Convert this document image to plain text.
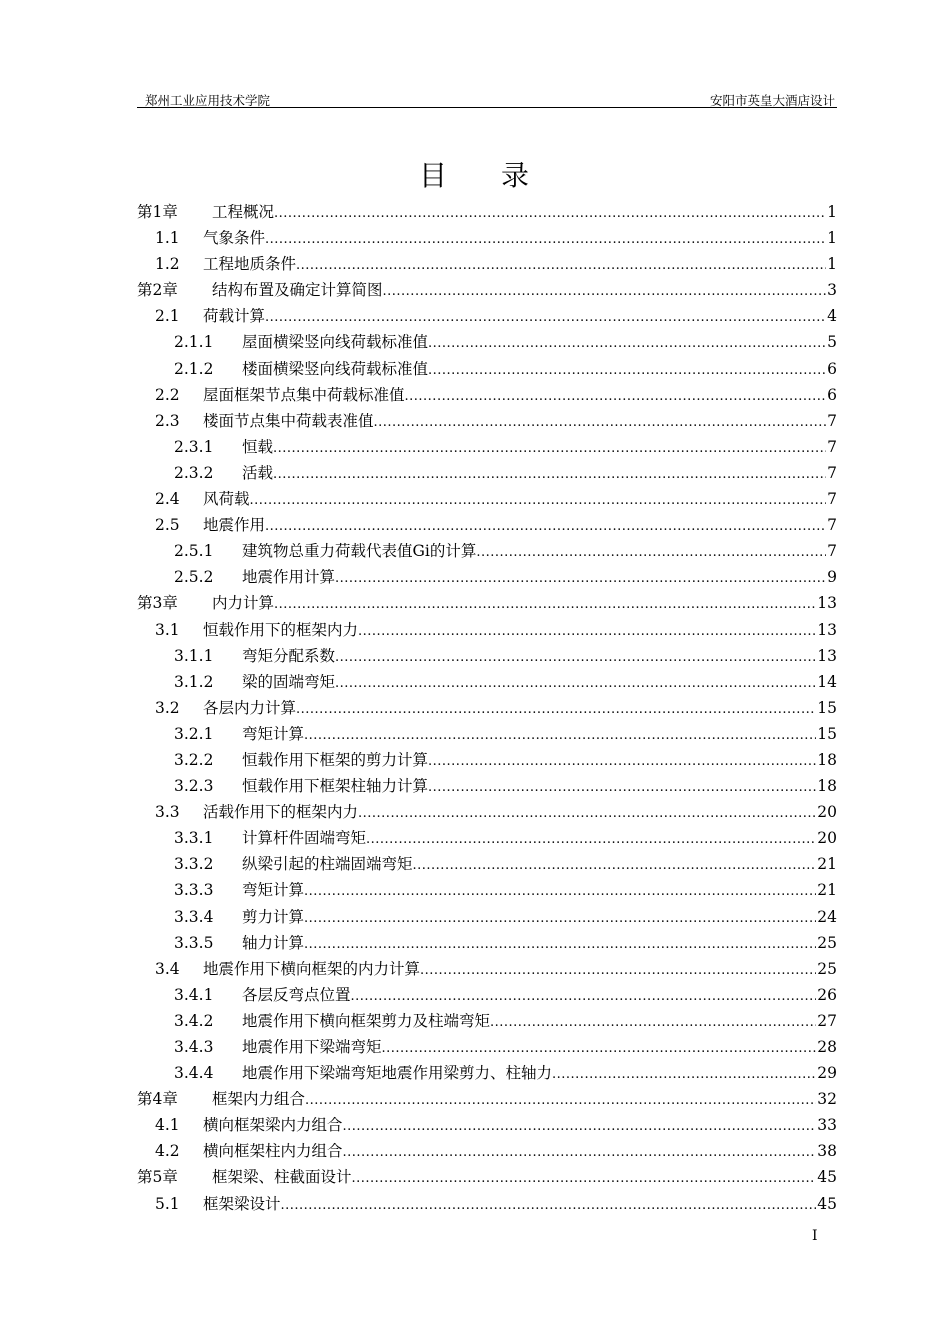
郑州工业应用技术学院	安阳市英皇大酒店设计
目 录
第1章	工程概况 .....	1
1.1	气象条件 .....	1
1.2	工程地质条件 .....	1
第2章	结构布置及确定计算简图 .....	3
2.1	荷载计算 .....	4
2.1.1	屋面横梁竖向线荷载标准值 .....	5
2.1.2	楼面横梁竖向线荷载标准值 .....	6
2.2	屋面框架节点集中荷载标准值 .....	6
2.3	楼面节点集中荷载表准值 .....	7
2.3.1	恒载 .....	7
2.3.2	活载 .....	7
2.4	风荷载 .....	7
2.5	地震作用 .....	7
2.5.1	建筑物总重力荷载代表值Gi的计算 .....	7
2.5.2	地震作用计算 .....	9
第3章	内力计算 .....	13
3.1	恒载作用下的框架内力 .....	13
3.1.1	弯矩分配系数 .....	13
3.1.2	梁的固端弯矩 .....	14
3.2	各层内力计算 .....	15
3.2.1	弯矩计算 .....	15
3.2.2	恒载作用下框架的剪力计算 .....	18
3.2.3	恒载作用下框架柱轴力计算 .....	18
3.3	活载作用下的框架内力 .....	20
3.3.1	计算杆件固端弯矩 .....	20
3.3.2	纵梁引起的柱端固端弯矩 .....	21
3.3.3	弯矩计算 .....	21
3.3.4	剪力计算 .....	24
3.3.5	轴力计算 .....	25
3.4	地震作用下横向框架的内力计算 .....	25
3.4.1	各层反弯点位置 .....	26
3.4.2	地震作用下横向框架剪力及柱端弯矩 .....	27
3.4.3	地震作用下梁端弯矩 .....	28
3.4.4	地震作用下梁端弯矩地震作用梁剪力、柱轴力 .....	29
第4章	框架内力组合 .....	32
4.1	横向框架梁内力组合 .....	33
4.2	横向框架柱内力组合 .....	38
第5章	框架梁、柱截面设计 .....	45
5.1	框架梁设计 .....	45
I
